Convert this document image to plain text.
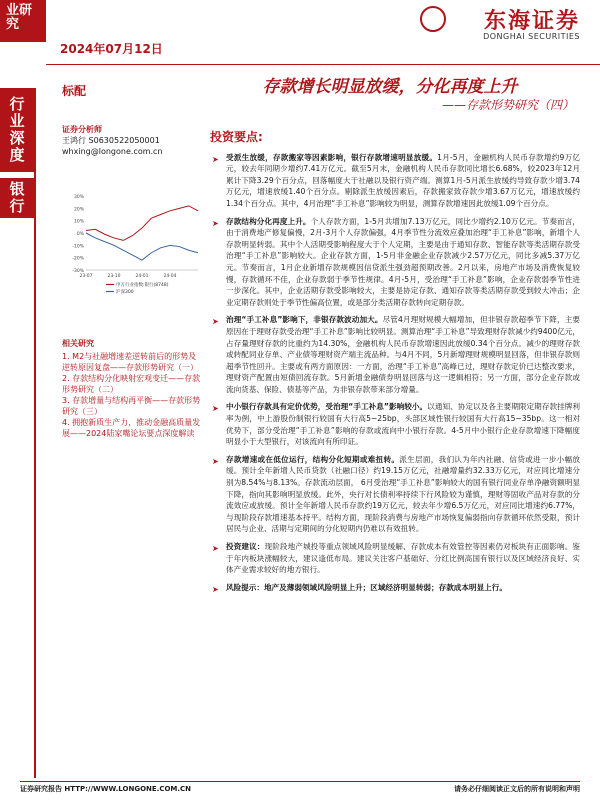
业研究
行业深度
银行
2024年07月12日
东海证券
DONGHAI SECURITIES
标配	存款增长明显放缓，分化再度上升
——存款形势研究（四）
证券分析师
王鸿行 S0630522050001
whxing@longone.com.cn
30%
20%
10%
0%
-10%
-20%
-30%
23-07	23-10	24-01	24-04
申万行业指数:银行(8748)
沪深300
相关研究
1. M2与社融增速差逆转前后的形势及逆转原因复盘——存款形势研究（一）
2. 存款结构分化映射宏观变迁——存款形势研究（二）
3. 存款增量与结构再平衡——存款形势研究（三）
4. 拥抱新质生产力，推动金融高质量发展——2024陆家嘴论坛要点深度解读
投资要点:
➤ 受派生放缓，存款搬家等因素影响，银行存款增速明显放缓。1月-5月，金融机构人民币存款增约9万亿元，较去年同期少增约7.41万亿元。截至5月末，金融机构人民币存款同比增长6.68%，较2023年12月累计下降3.29个百分点，回落幅度大于社融以及银行资产端。测算1月-5月派生放缓约导致存款少增3.74万亿元，增速放缓1.40个百分点。剔除派生放缓因素后，存款搬家致存款少增3.67万亿元，增速放缓约1.34个百分点。其中，4月治理“手工补息”影响较为明显，测算存款增速因此放缓1.09个百分点。
➤ 存款结构分化再度上升。个人存款方面，1-5月共增加7.13万亿元，同比少增约2.10万亿元。节奏而言，由于消费地产修复偏慢，2月-3月个人存款偏强，4月季节性分流效应叠加治理“手工补息”影响，新增个人存款明显转弱。其中个人活期受影响程度大于个人定期，主要是由于通知存款、智能存款等类活期存款受治理“手工补息”影响较大。企业存款方面，1-5月非金融企业存款减少2.57万亿元，同比多减5.37万亿元。节奏而言，1月企业新增存款规模因信贷派生强劲超预期改善。2月以来，房地产市场及消费恢复较慢，存款循环不佳，企业存款弱于季节性规律。4月-5月，受治理“手工补息”影响，企业存款弱季节性进一步深化。其中，企业活期存款受影响较大，主要是协定存款、通知存款等类活期存款受到较大冲击；企业定期存款则处于季节性偏高位置，或是部分类活期存款转向定期存款。
➤ 治理“手工补息”影响下，非银存款波动加大。尽管4月理财规模大幅增加，但非银存款超季节下降，主要原因在于理财存款受治理“手工补息”影响比较明显。测算治理“手工补息”导致理财存款减少约9400亿元，占存量理财存款的比重约为14.30%，金融机构人民币存款增速因此放缓0.34个百分点。减少的理财存款或转配同业存单、产业债等理财资产端主流品种。与4月不同，5月新增理财规模明显回落，但非银存款则超季节性回升。主要或有两方面原因：一方面，治理“手工补息”高峰已过，理财存款定价已达整改要求，理财资产配置由短债回流存款。5月新增金融债券明显回落与这一逻辑相符；另一方面，部分企业存款或流向货基、保险、债基等产品，为非银存款带来部分增量。
➤ 中小银行存款具有定价优势，受治理“手工补息”影响较小。以通知、协定以及各主要期限定期存款挂牌利率为例，中上游股份制银行较国有大行高5~25bp，头部区域性银行较国有大行高15~35bp。这一相对优势下，部分受治理“手工补息”影响的存款或流向中小银行存款。4-5月中小银行企业存款增速下降幅度明显小于大型银行，对该流向有所印证。
➤ 存款增速或在低位运行，结构分化短期或难扭转。派生层面，我们认为年内社融、信贷或进一步小幅放缓。预计全年新增人民币贷款（社融口径）约19.15万亿元，社融增量约32.33万亿元，对应同比增速分别为8.54%与8.13%。存款流动层面， 6月受治理“手工补息”影响较大的国有银行同业存单净融资额明显下降，指向其影响明显放缓。此外，央行对长债利率持续下行风险较为谨慎，理财等固收产品对存款的分流效应或放缓。预计全年新增人民币存款约19万亿元，较去年少增6.5万亿元，对应同比增速约6.77%，与现阶段存款增速基本持平。结构方面，现阶段消费与房地产市场恢复偏弱指向存款循环依然受限，预计居民与企业、活期与定期间的分化短期内仍难以有效扭转。
➤ 投资建议：现阶段地产城投等重点领域风险明显缓解、存款成本有效管控等因素仍对板块有正面影响。鉴于年内板块涨幅较大，建议逢低布局。建议关注客户基础好、分红比例高国有银行以及区域经济良好、实体产业需求较好的地方银行。
➤ 风险提示：地产及薄弱领域风险明显上升；区域经济明显转弱；存款成本明显上行。
证券研究报告 HTTP://WWW.LONGONE.COM.CN	请务必仔细阅读正文后的所有说明和声明
